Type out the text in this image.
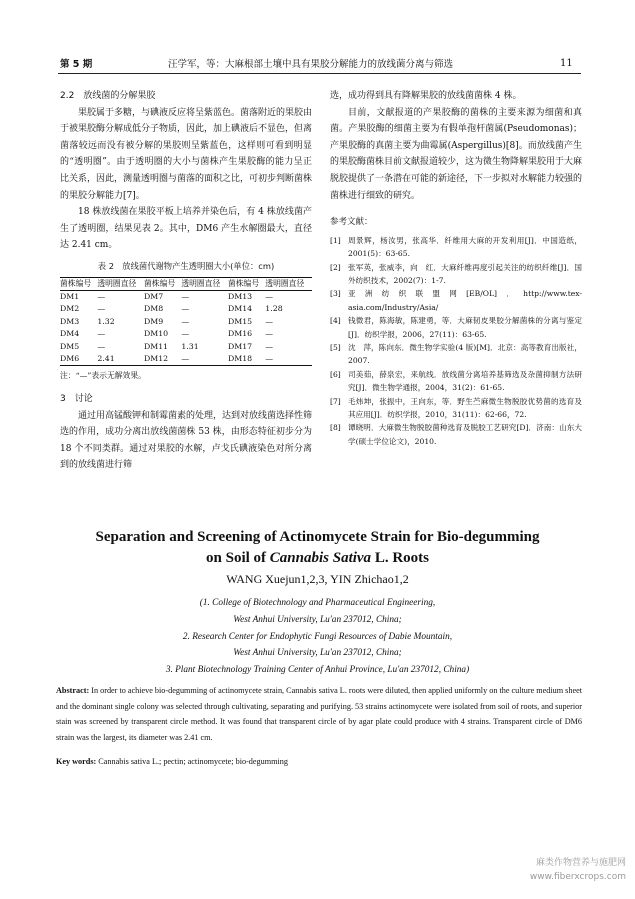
第 5 期	汪学军，等：大麻根部土壤中具有果胶分解能力的放线菌分离与筛选	11

2.2　放线菌的分解果胶

果胶属于多糖，与碘液反应将呈紫蓝色。菌落附近的果胶由于被果胶酶分解成低分子物质，因此，加上碘液后不显色，但离菌落较远而没有被分解的果胶则呈紫蓝色，这样则可看到明显的“透明圈”。由于透明圈的大小与菌株产生果胶酶的能力呈正比关系，因此，测量透明圈与菌落的面积之比，可初步判断菌株的果胶分解能力[7]。

18 株放线菌在果胶平板上培养并染色后，有 4 株放线菌产生了透明圈，结果见表 2。其中，DM6 产生水解圈最大，直径达 2.41 cm。

表 2　放线菌代谢物产生透明圈大小(单位：cm)
菌株编号	透明圈直径	菌株编号	透明圈直径	菌株编号	透明圈直径
DM1	—	DM7	—	DM13	—
DM2	—	DM8	—	DM14	1.28
DM3	1.32	DM9	—	DM15	—
DM4	—	DM10	—	DM16	—
DM5	—	DM11	1.31	DM17	—
DM6	2.41	DM12	—	DM18	—
注：“—”表示无解效果。

3　讨论

通过用高锰酸钾和制霉菌素的处理，达到对放线菌选择性筛选的作用，成功分离出放线菌菌株 53 株，由形态特征初步分为 18 个不同类群。通过对果胶的水解，卢戈氏碘液染色对所分离到的放线菌进行筛

选，成功得到具有降解果胶的放线菌菌株 4 株。

目前，文献报道的产果胶酶的菌株的主要来源为细菌和真菌。产果胶酶的细菌主要为有假单孢杆菌属(Pseudomonas)；产果胶酶的真菌主要为曲霉属(Aspergillus)[8]。而放线菌产生的果胶酶菌株目前文献报道较少，这为微生物降解果胶用于大麻脱胶提供了一条潜在可能的新途径，下一步拟对水解能力较强的菌株进行细致的研究。

参考文献：

[1] 周景辉，杨汝男，张高华．纤维用大麻的开发利用[J]．中国造纸，2001(5)：63-65.
[2] 张军英，张威李，向　红．大麻纤维再度引起关注的纺织纤维[J]．国外纺织技术，2002(7)：1-7.
[3] 亚洲纺织联盟网[EB/OL]．http://www.tex-asia.com/Industry/Asia/
[4] 钱微君，陈海敏，陈建勇，等．大麻韧皮果胶分解菌株的分离与鉴定[J]．纺织学报，2006，27(11)：63-65.
[5] 沈　萍，陈向东．微生物学实验(4 版)[M]．北京：高等教育出版社，2007.
[6] 司美茹，薛泉宏，来航线．放线菌分离培养基筛选及杂菌抑制方法研究[J]．微生物学通报，2004，31(2)：61-65.
[7] 毛炜坤，张振中，王向东，等．野生苎麻微生物脱胶优势菌的选育及其应用[J]．纺织学报，2010，31(11)：62-66，72.
[8] 谭晓明．大麻微生物脱胶菌种选育及脱胶工艺研究[D]．济南：山东大学(硕士学位论文)，2010.
Separation and Screening of Actinomycete Strain for Bio-degumming
on Soil of Cannabis Sativa L. Roots
WANG Xuejun1,2,3, YIN Zhichao1,2
(1. College of Biotechnology and Pharmaceutical Engineering,
West Anhui University, Lu'an 237012, China;
2. Research Center for Endophytic Fungi Resources of Dabie Mountain,
West Anhui University, Lu'an 237012, China;
3. Plant Biotechnology Training Center of Anhui Province, Lu'an 237012, China)
Abstract: In order to achieve bio-degumming of actinomycete strain, Cannabis sativa L. roots were diluted, then applied uniformly on the culture medium sheet and the dominant single colony was selected through cultivating, separating and purifying. 53 strains actinomycete were isolated from soil of roots, and superior stain was screened by transparent circle method. It was found that transparent circle of by agar plate could produce with 4 strains. Transparent circle of DM6 strain was the largest, its diameter was 2.41 cm.
Key words: Cannabis sativa L.; pectin; actinomycete; bio-degumming
麻类作物营养与施肥网
www.fiberxcrops.com
